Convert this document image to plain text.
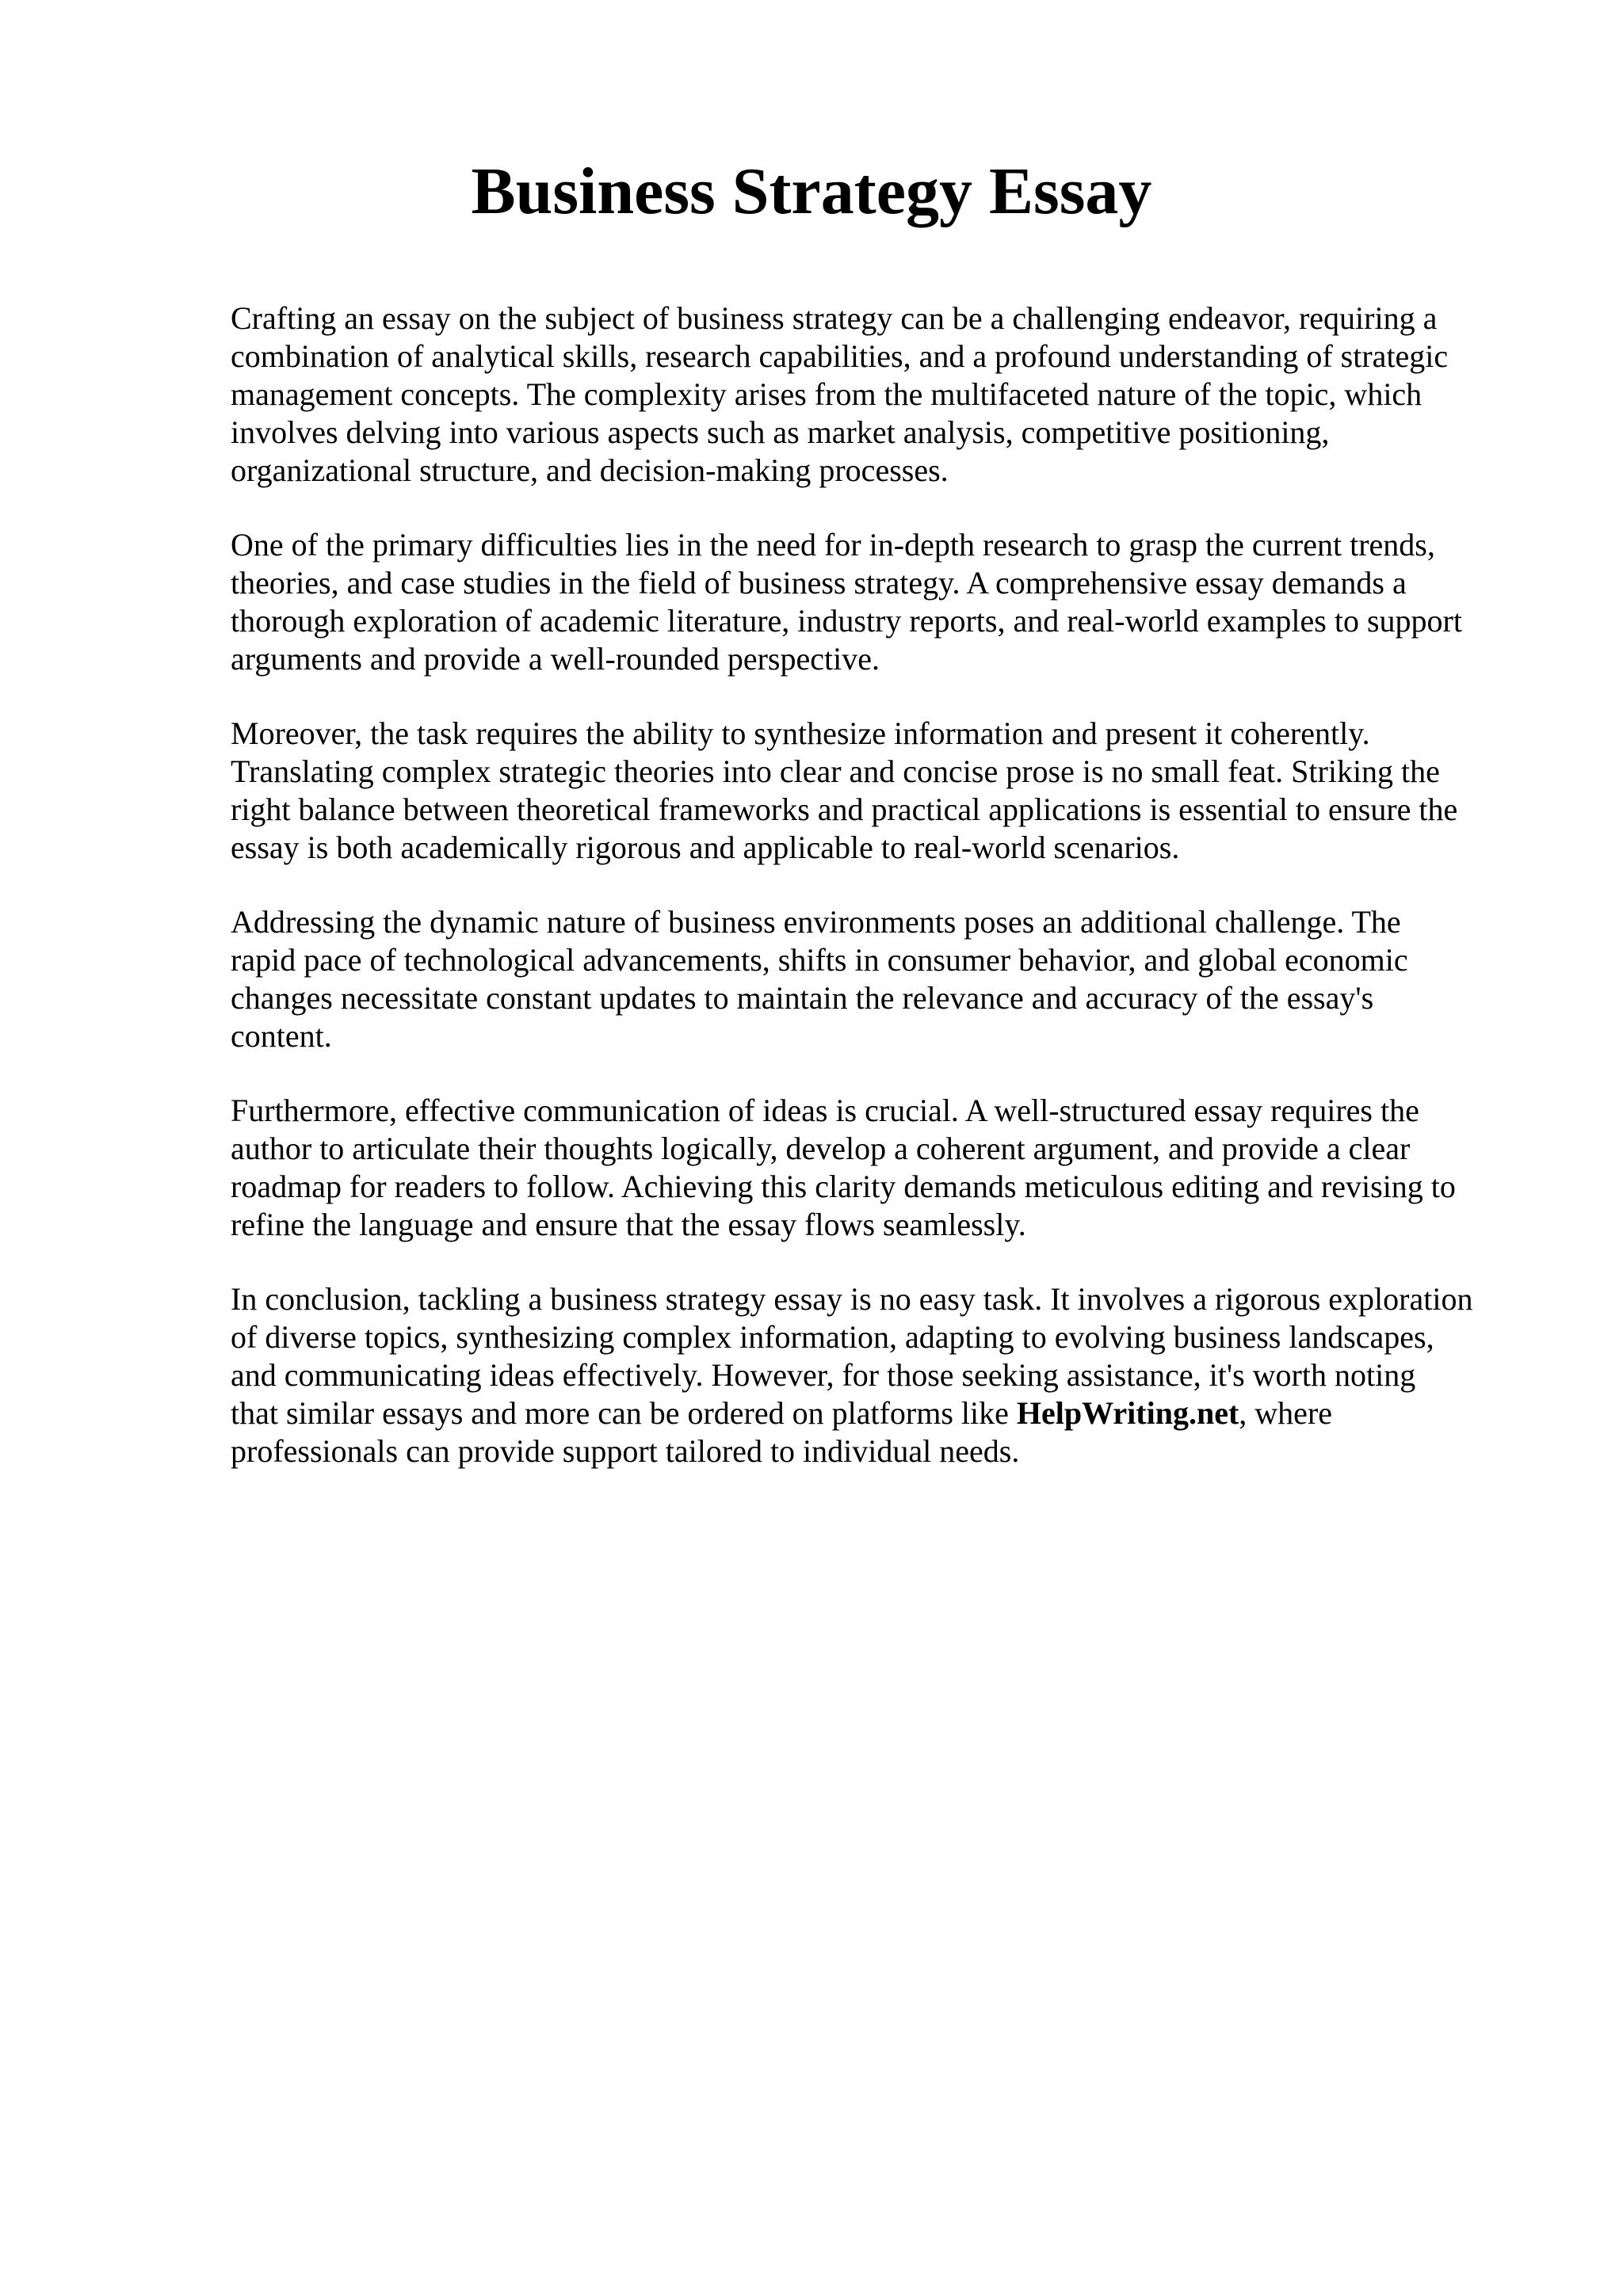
Business Strategy Essay

Crafting an essay on the subject of business strategy can be a challenging endeavor, requiring a
combination of analytical skills, research capabilities, and a profound understanding of strategic
management concepts. The complexity arises from the multifaceted nature of the topic, which
involves delving into various aspects such as market analysis, competitive positioning,
organizational structure, and decision-making processes.

One of the primary difficulties lies in the need for in-depth research to grasp the current trends,
theories, and case studies in the field of business strategy. A comprehensive essay demands a
thorough exploration of academic literature, industry reports, and real-world examples to support
arguments and provide a well-rounded perspective.

Moreover, the task requires the ability to synthesize information and present it coherently.
Translating complex strategic theories into clear and concise prose is no small feat. Striking the
right balance between theoretical frameworks and practical applications is essential to ensure the
essay is both academically rigorous and applicable to real-world scenarios.

Addressing the dynamic nature of business environments poses an additional challenge. The
rapid pace of technological advancements, shifts in consumer behavior, and global economic
changes necessitate constant updates to maintain the relevance and accuracy of the essay's
content.

Furthermore, effective communication of ideas is crucial. A well-structured essay requires the
author to articulate their thoughts logically, develop a coherent argument, and provide a clear
roadmap for readers to follow. Achieving this clarity demands meticulous editing and revising to
refine the language and ensure that the essay flows seamlessly.

In conclusion, tackling a business strategy essay is no easy task. It involves a rigorous exploration
of diverse topics, synthesizing complex information, adapting to evolving business landscapes,
and communicating ideas effectively. However, for those seeking assistance, it's worth noting
that similar essays and more can be ordered on platforms like HelpWriting.net, where
professionals can provide support tailored to individual needs.
